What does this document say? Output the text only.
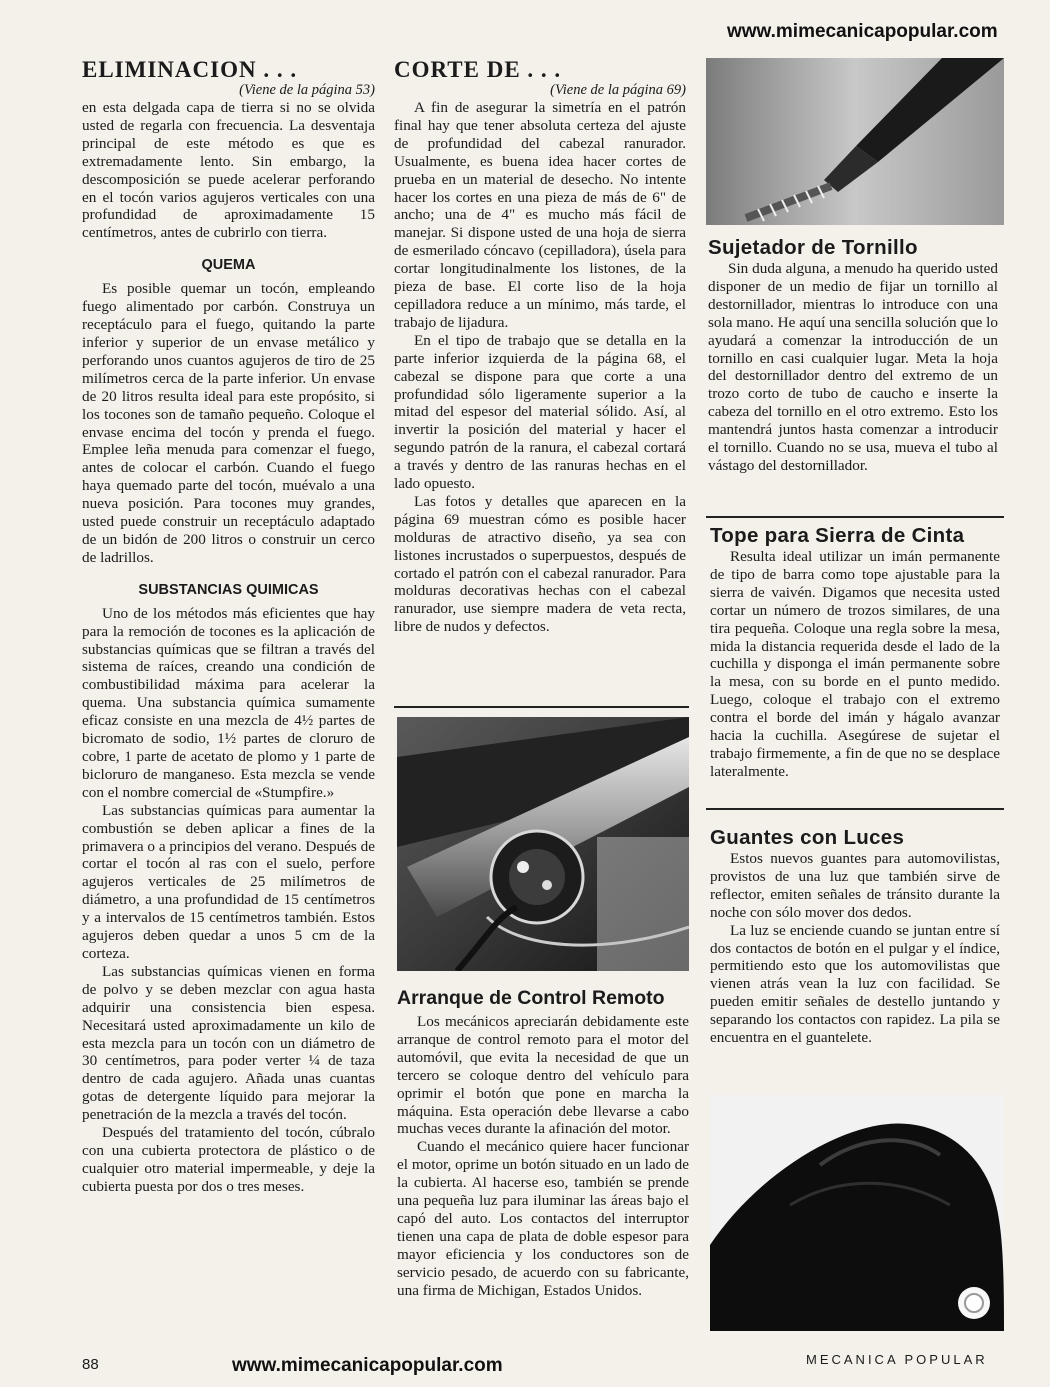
www.mimecanicapopular.com
ELIMINACION . . .
(Viene de la página 53)

en esta delgada capa de tierra si no se olvida usted de regarla con frecuencia. La desventaja principal de este método es que es extremadamente lento. Sin embargo, la descomposición se puede acelerar perforando en el tocón varios agujeros verticales con una profundidad de aproximadamente 15 centímetros, antes de cubrirlo con tierra.

QUEMA

Es posible quemar un tocón, empleando fuego alimentado por carbón. Construya un receptáculo para el fuego, quitando la parte inferior y superior de un envase metálico y perforando unos cuantos agujeros de tiro de 25 milímetros cerca de la parte inferior. Un envase de 20 litros resulta ideal para este propósito, si los tocones son de tamaño pequeño. Coloque el envase encima del tocón y prenda el fuego. Emplee leña menuda para comenzar el fuego, antes de colocar el carbón. Cuando el fuego haya quemado parte del tocón, muévalo a una nueva posición. Para tocones muy grandes, usted puede construir un receptáculo adaptado de un bidón de 200 litros o construir un cerco de ladrillos.

SUBSTANCIAS QUIMICAS

Uno de los métodos más eficientes que hay para la remoción de tocones es la aplicación de substancias químicas que se filtran a través del sistema de raíces, creando una condición de combustibilidad máxima para acelerar la quema. Una substancia química sumamente eficaz consiste en una mezcla de 4½ partes de bicromato de sodio, 1½ partes de cloruro de cobre, 1 parte de acetato de plomo y 1 parte de bicloruro de manganeso. Esta mezcla se vende con el nombre comercial de «Stumpfire.»

Las substancias químicas para aumentar la combustión se deben aplicar a fines de la primavera o a principios del verano. Después de cortar el tocón al ras con el suelo, perfore agujeros verticales de 25 milímetros de diámetro, a una profundidad de 15 centímetros y a intervalos de 15 centímetros también. Estos agujeros deben quedar a unos 5 cm de la corteza.

Las substancias químicas vienen en forma de polvo y se deben mezclar con agua hasta adquirir una consistencia bien espesa. Necesitará usted aproximadamente un kilo de esta mezcla para un tocón con un diámetro de 30 centímetros, para poder verter ¼ de taza dentro de cada agujero. Añada unas cuantas gotas de detergente líquido para mejorar la penetración de la mezcla a través del tocón.

Después del tratamiento del tocón, cúbralo con una cubierta protectora de plástico o de cualquier otro material impermeable, y deje la cubierta puesta por dos o tres meses.

CORTE DE . . .
(Viene de la página 69)

A fin de asegurar la simetría en el patrón final hay que tener absoluta certeza del ajuste de profundidad del cabezal ranurador. Usualmente, es buena idea hacer cortes de prueba en un material de desecho. No intente hacer los cortes en una pieza de más de 6" de ancho; una de 4" es mucho más fácil de manejar. Si dispone usted de una hoja de sierra de esmerilado cóncavo (cepilladora), úsela para cortar longitudinalmente los listones, de la pieza de base. El corte liso de la hoja cepilladora reduce a un mínimo, más tarde, el trabajo de lijadura.

En el tipo de trabajo que se detalla en la parte inferior izquierda de la página 68, el cabezal se dispone para que corte a una profundidad sólo ligeramente superior a la mitad del espesor del material sólido. Así, al invertir la posición del material y hacer el segundo patrón de la ranura, el cabezal cortará a través y dentro de las ranuras hechas en el lado opuesto.

Las fotos y detalles que aparecen en la página 69 muestran cómo es posible hacer molduras de atractivo diseño, ya sea con listones incrustados o superpuestos, después de cortado el patrón con el cabezal ranurador. Para molduras decorativas hechas con el cabezal ranurador, use siempre madera de veta recta, libre de nudos y defectos.

Arranque de Control Remoto

Los mecánicos apreciarán debidamente este arranque de control remoto para el motor del automóvil, que evita la necesidad de que un tercero se coloque dentro del vehículo para oprimir el botón que pone en marcha la máquina. Esta operación debe llevarse a cabo muchas veces durante la afinación del motor.

Cuando el mecánico quiere hacer funcionar el motor, oprime un botón situado en un lado de la cubierta. Al hacerse eso, también se prende una pequeña luz para iluminar las áreas bajo el capó del auto. Los contactos del interruptor tienen una capa de plata de doble espesor para mayor eficiencia y los conductores son de servicio pesado, de acuerdo con su fabricante, una firma de Michigan, Estados Unidos.

Sujetador de Tornillo

Sin duda alguna, a menudo ha querido usted disponer de un medio de fijar un tornillo al destornillador, mientras lo introduce con una sola mano. He aquí una sencilla solución que lo ayudará a comenzar la introducción de un tornillo en casi cualquier lugar. Meta la hoja del destornillador dentro del extremo de un trozo corto de tubo de caucho e inserte la cabeza del tornillo en el otro extremo. Esto los mantendrá juntos hasta comenzar a introducir el tornillo. Cuando no se usa, mueva el tubo al vástago del destornillador.

Tope para Sierra de Cinta

Resulta ideal utilizar un imán permanente de tipo de barra como tope ajustable para la sierra de vaivén. Digamos que necesita usted cortar un número de trozos similares, de una tira pequeña. Coloque una regla sobre la mesa, mida la distancia requerida desde el lado de la cuchilla y disponga el imán permanente sobre la mesa, con su borde en el punto medido. Luego, coloque el trabajo con el extremo contra el borde del imán y hágalo avanzar hacia la cuchilla. Asegúrese de sujetar el trabajo firmemente, a fin de que no se desplace lateralmente.

Guantes con Luces

Estos nuevos guantes para automovilistas, provistos de una luz que también sirve de reflector, emiten señales de tránsito durante la noche con sólo mover dos dedos.

La luz se enciende cuando se juntan entre sí dos contactos de botón en el pulgar y el índice, permitiendo esto que los automovilistas que vienen atrás vean la luz con facilidad. Se pueden emitir señales de destello juntando y separando los contactos con rapidez. La pila se encuentra en el guantelete.

88	www.mimecanicapopular.com	MECANICA POPULAR
